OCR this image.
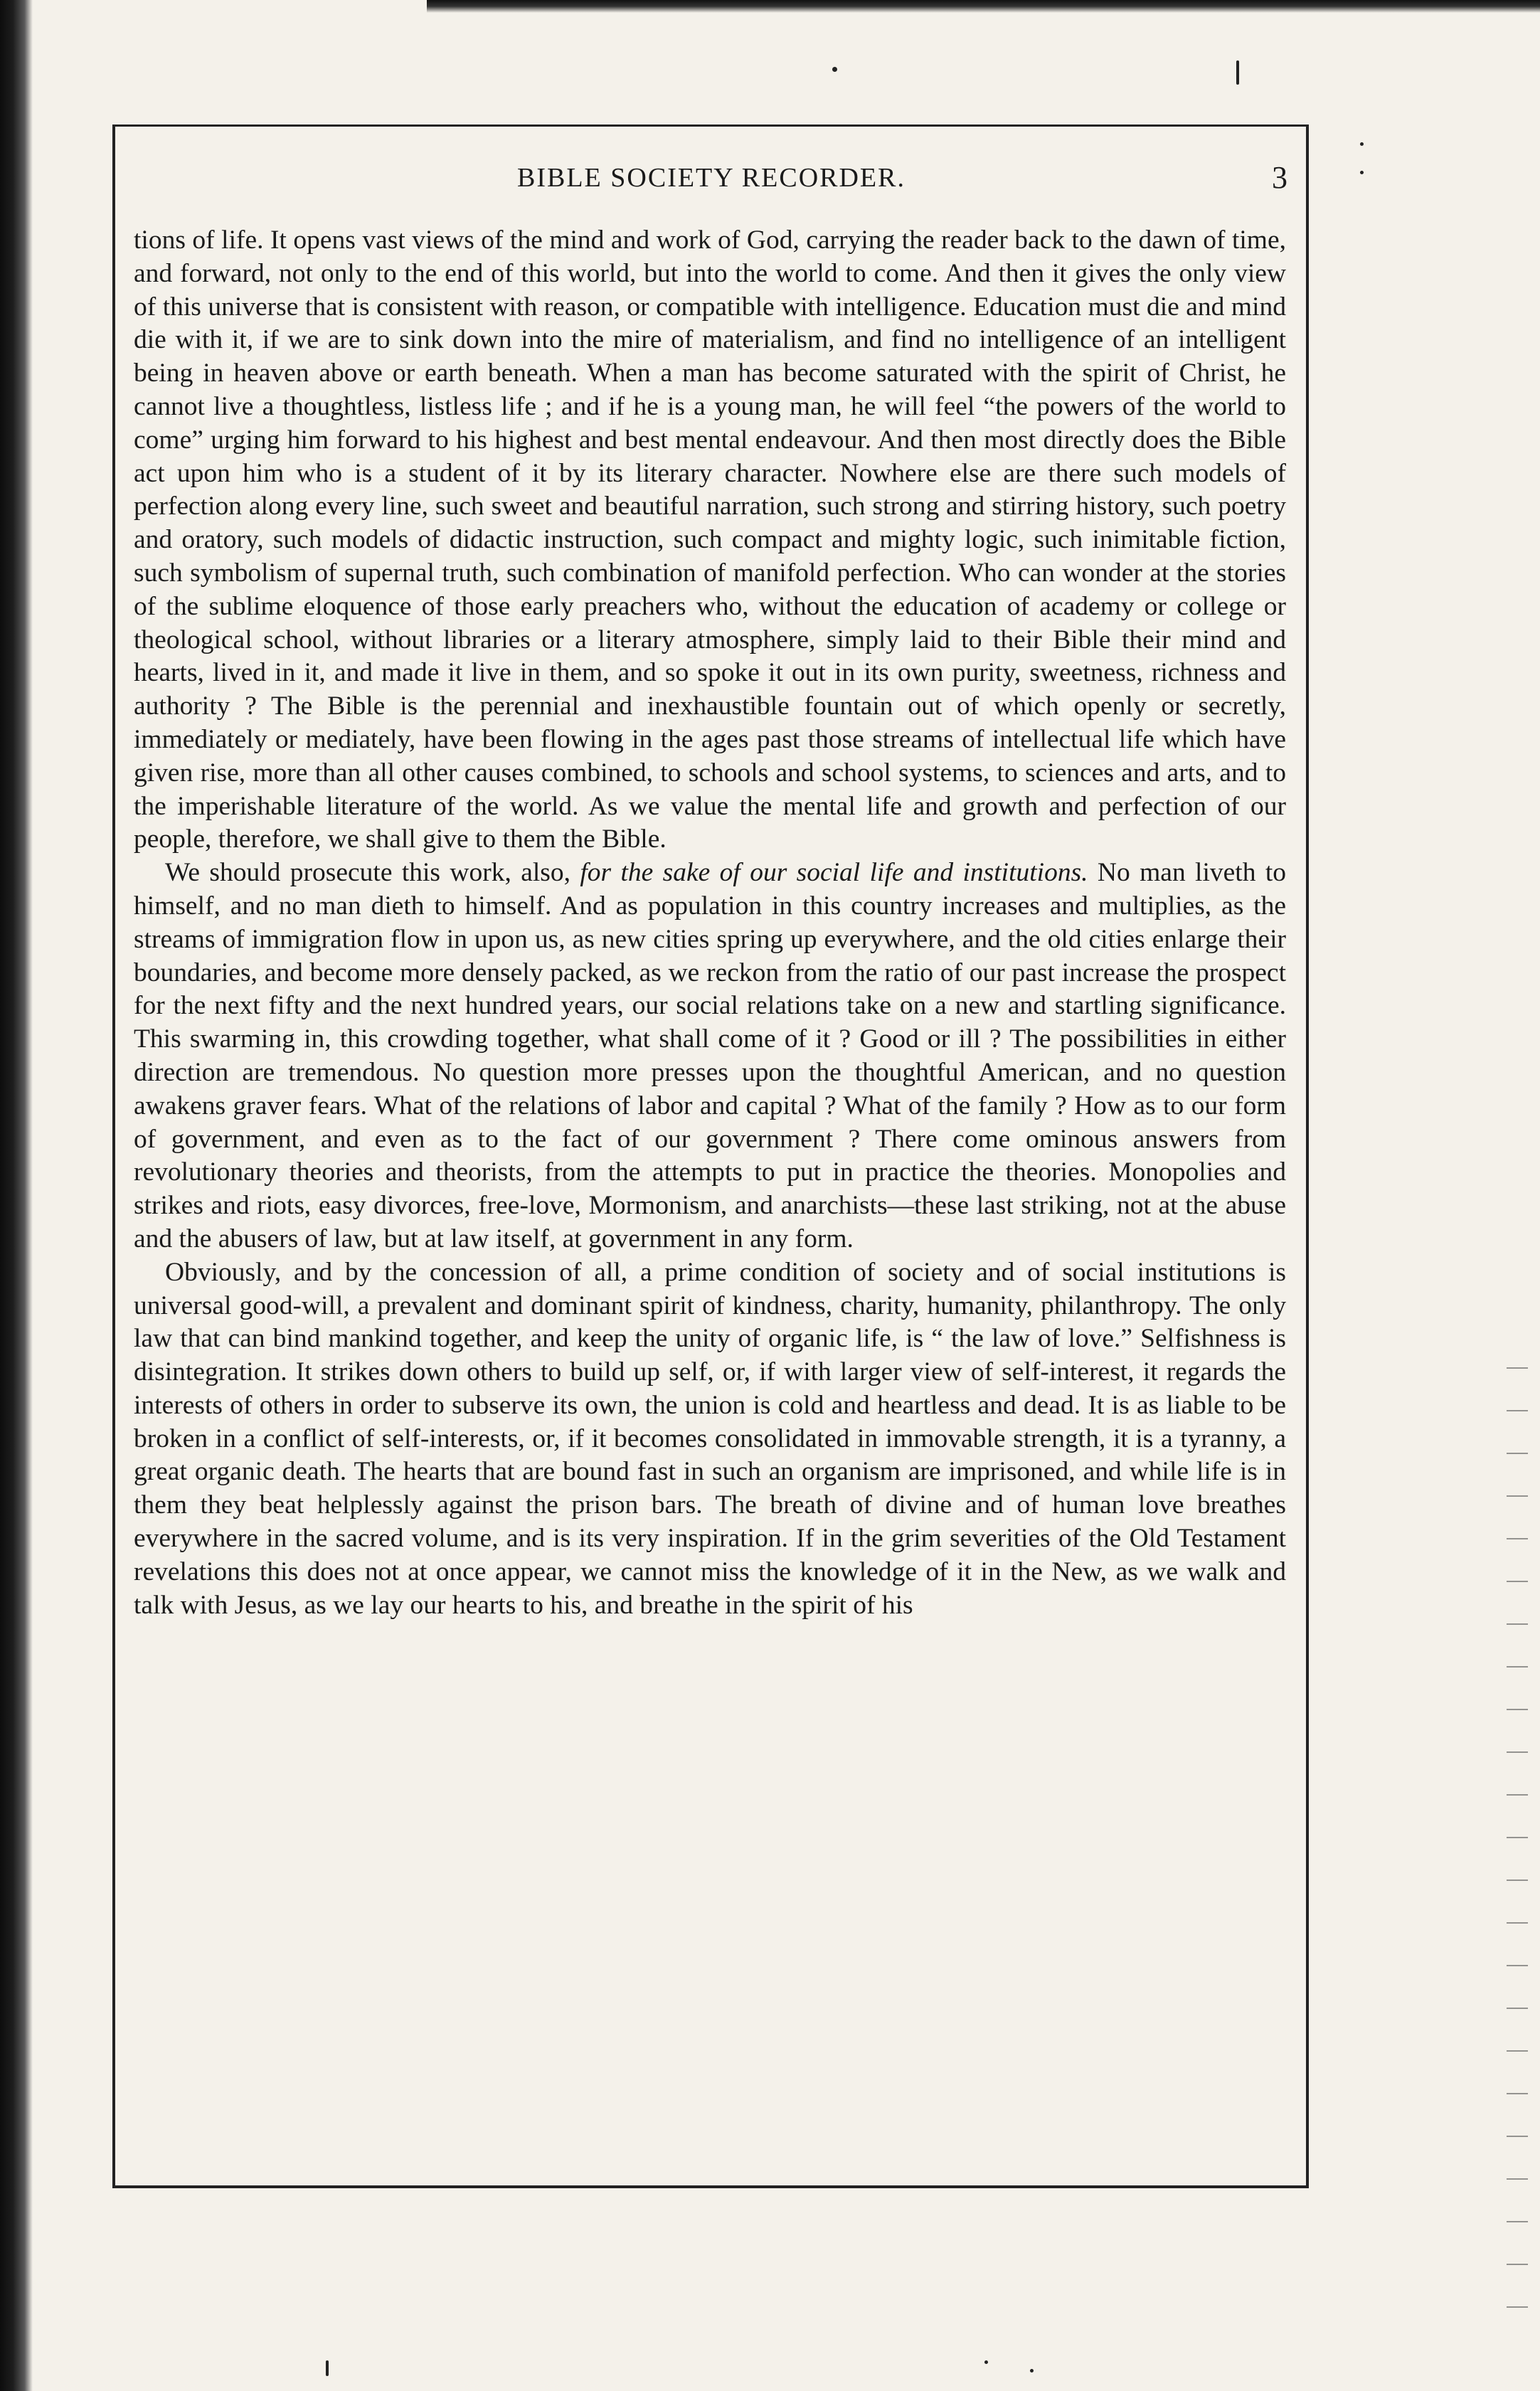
BIBLE SOCIETY RECORDER.	3

tions of life. It opens vast views of the mind and work of God, carrying the reader back to the dawn of time, and forward, not only to the end of this world, but into the world to come. And then it gives the only view of this universe that is consistent with reason, or compatible with intelligence. Education must die and mind die with it, if we are to sink down into the mire of materialism, and find no intelligence of an intelligent being in heaven above or earth beneath. When a man has become saturated with the spirit of Christ, he cannot live a thoughtless, listless life ; and if he is a young man, he will feel “the powers of the world to come” urging him forward to his highest and best mental endeavour. And then most directly does the Bible act upon him who is a student of it by its literary character. Nowhere else are there such models of perfection along every line, such sweet and beautiful narration, such strong and stirring history, such poetry and oratory, such models of didactic instruction, such compact and mighty logic, such inimitable fiction, such symbolism of supernal truth, such combination of manifold perfection. Who can wonder at the stories of the sublime eloquence of those early preachers who, without the education of academy or college or theological school, without libraries or a literary atmosphere, simply laid to their Bible their mind and hearts, lived in it, and made it live in them, and so spoke it out in its own purity, sweetness, richness and authority ? The Bible is the perennial and inexhaustible fountain out of which openly or secretly, immediately or mediately, have been flowing in the ages past those streams of intellectual life which have given rise, more than all other causes combined, to schools and school systems, to sciences and arts, and to the imperishable literature of the world. As we value the mental life and growth and perfection of our people, therefore, we shall give to them the Bible.

We should prosecute this work, also, for the sake of our social life and institutions. No man liveth to himself, and no man dieth to himself. And as population in this country increases and multiplies, as the streams of immigration flow in upon us, as new cities spring up everywhere, and the old cities enlarge their boundaries, and become more densely packed, as we reckon from the ratio of our past increase the prospect for the next fifty and the next hundred years, our social relations take on a new and startling significance. This swarming in, this crowding together, what shall come of it ? Good or ill ? The possibilities in either direction are tremendous. No question more presses upon the thoughtful American, and no question awakens graver fears. What of the relations of labor and capital ? What of the family ? How as to our form of government, and even as to the fact of our government ? There come ominous answers from revolutionary theories and theorists, from the attempts to put in practice the theories. Monopolies and strikes and riots, easy divorces, free-love, Mormonism, and anarchists—these last striking, not at the abuse and the abusers of law, but at law itself, at government in any form.

Obviously, and by the concession of all, a prime condition of society and of social institutions is universal good-will, a prevalent and dominant spirit of kindness, charity, humanity, philanthropy. The only law that can bind mankind together, and keep the unity of organic life, is “ the law of love.” Selfishness is disintegration. It strikes down others to build up self, or, if with larger view of self-interest, it regards the interests of others in order to subserve its own, the union is cold and heartless and dead. It is as liable to be broken in a conflict of self-interests, or, if it becomes consolidated in immovable strength, it is a tyranny, a great organic death. The hearts that are bound fast in such an organism are imprisoned, and while life is in them they beat helplessly against the prison bars. The breath of divine and of human love breathes everywhere in the sacred volume, and is its very inspiration. If in the grim severities of the Old Testament revelations this does not at once appear, we cannot miss the knowledge of it in the New, as we walk and talk with Jesus, as we lay our hearts to his, and breathe in the spirit of his
